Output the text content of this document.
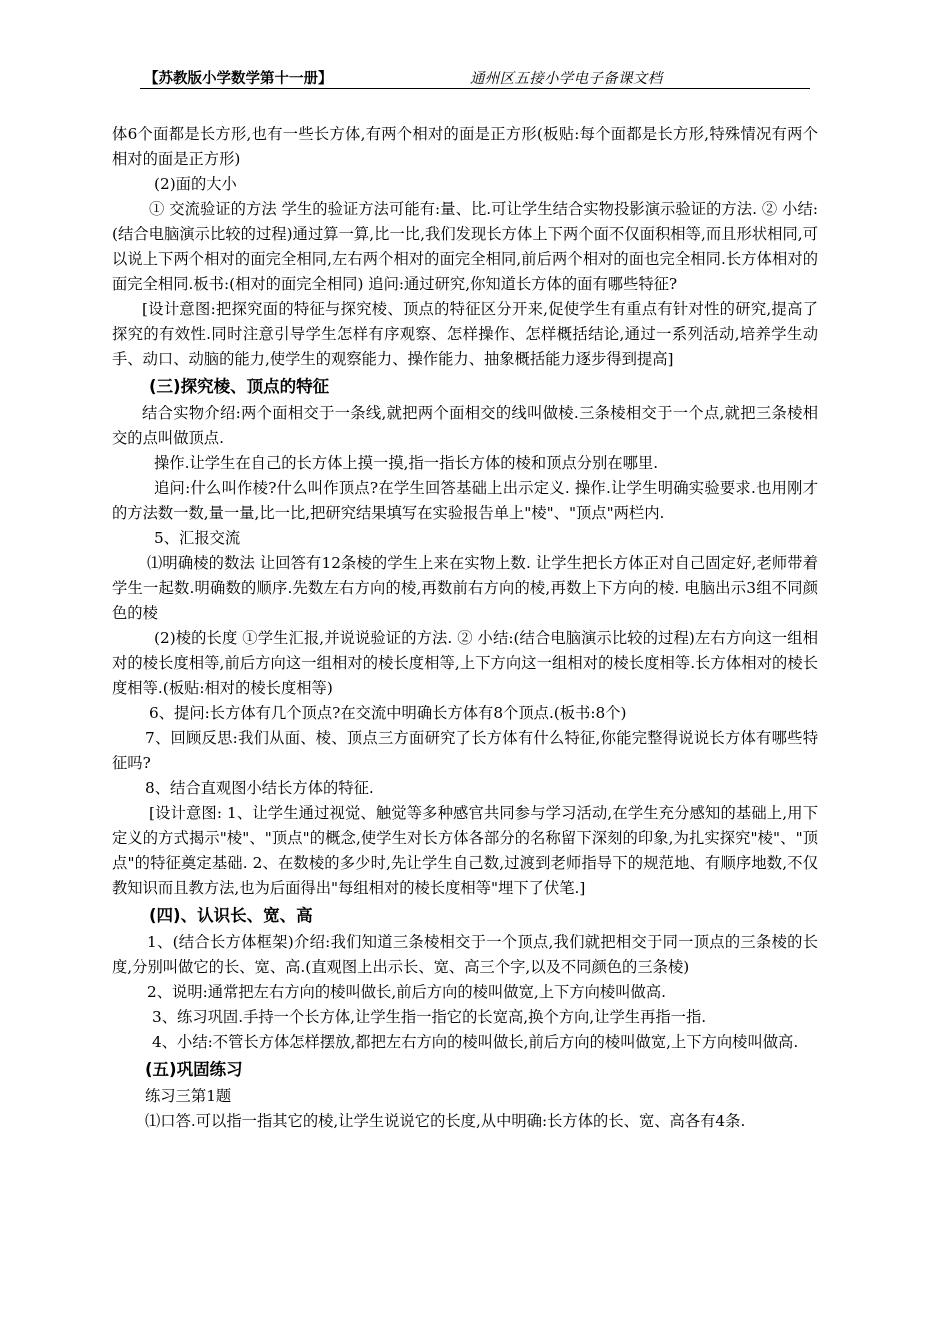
【苏教版小学数学第十一册】	通州区五接小学电子备课文档

体6个面都是长方形,也有一些长方体,有两个相对的面是正方形(板贴:每个面都是长方形,特殊情况有两个相对的面是正方形)

(2)面的大小

① 交流验证的方法 学生的验证方法可能有:量、比.可让学生结合实物投影演示验证的方法. ② 小结:(结合电脑演示比较的过程)通过算一算,比一比,我们发现长方体上下两个面不仅面积相等,而且形状相同,可以说上下两个相对的面完全相同,左右两个相对的面完全相同,前后两个相对的面也完全相同.长方体相对的面完全相同.板书:(相对的面完全相同) 追问:通过研究,你知道长方体的面有哪些特征?

[设计意图:把探究面的特征与探究棱、顶点的特征区分开来,促使学生有重点有针对性的研究,提高了探究的有效性.同时注意引导学生怎样有序观察、怎样操作、怎样概括结论,通过一系列活动,培养学生动手、动口、动脑的能力,使学生的观察能力、操作能力、抽象概括能力逐步得到提高]

(三)探究棱、顶点的特征

结合实物介绍:两个面相交于一条线,就把两个面相交的线叫做棱.三条棱相交于一个点,就把三条棱相交的点叫做顶点.

操作.让学生在自己的长方体上摸一摸,指一指长方体的棱和顶点分别在哪里.

追问:什么叫作棱?什么叫作顶点?在学生回答基础上出示定义. 操作.让学生明确实验要求.也用刚才的方法数一数,量一量,比一比,把研究结果填写在实验报告单上"棱"、"顶点"两栏内.

5、汇报交流

⑴明确棱的数法 让回答有12条棱的学生上来在实物上数. 让学生把长方体正对自己固定好,老师带着学生一起数.明确数的顺序.先数左右方向的棱,再数前右方向的棱,再数上下方向的棱. 电脑出示3组不同颜色的棱

(2)棱的长度 ①学生汇报,并说说验证的方法. ② 小结:(结合电脑演示比较的过程)左右方向这一组相对的棱长度相等,前后方向这一组相对的棱长度相等,上下方向这一组相对的棱长度相等.长方体相对的棱长度相等.(板贴:相对的棱长度相等)

6、提问:长方体有几个顶点?在交流中明确长方体有8个顶点.(板书:8个)

7、回顾反思:我们从面、棱、顶点三方面研究了长方体有什么特征,你能完整得说说长方体有哪些特征吗?

8、结合直观图小结长方体的特征.

[设计意图: 1、让学生通过视觉、触觉等多种感官共同参与学习活动,在学生充分感知的基础上,用下定义的方式揭示"棱"、"顶点"的概念,使学生对长方体各部分的名称留下深刻的印象,为扎实探究"棱"、"顶点"的特征奠定基础. 2、在数棱的多少时,先让学生自己数,过渡到老师指导下的规范地、有顺序地数,不仅教知识而且教方法,也为后面得出"每组相对的棱长度相等"埋下了伏笔.]

(四)、认识长、宽、高

1、(结合长方体框架)介绍:我们知道三条棱相交于一个顶点,我们就把相交于同一顶点的三条棱的长度,分别叫做它的长、宽、高.(直观图上出示长、宽、高三个字,以及不同颜色的三条棱)

2、说明:通常把左右方向的棱叫做长,前后方向的棱叫做宽,上下方向棱叫做高.

3、练习巩固.手持一个长方体,让学生指一指它的长宽高,换个方向,让学生再指一指.

4、小结:不管长方体怎样摆放,都把左右方向的棱叫做长,前后方向的棱叫做宽,上下方向棱叫做高.

(五)巩固练习

练习三第1题

⑴口答.可以指一指其它的棱,让学生说说它的长度,从中明确:长方体的长、宽、高各有4条.
